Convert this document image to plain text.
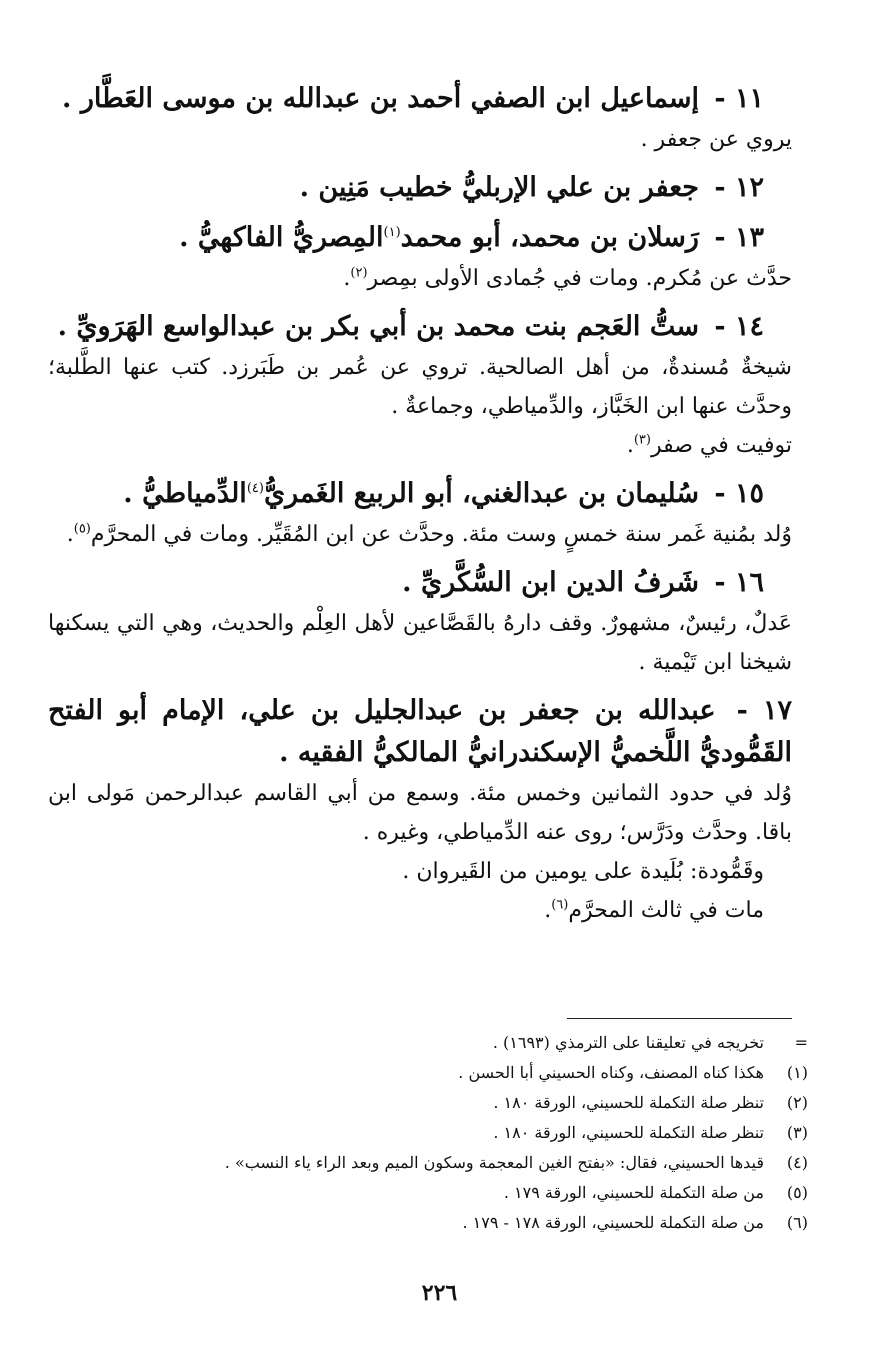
١١ - إسماعيل ابن الصفي أحمد بن عبدالله بن موسى العَطَّار .

يروي عن جعفر .

١٢ - جعفر بن علي الإربليُّ خطيب مَنِين .
١٣ - رَسلان بن محمد، أبو محمد$^{(١)}$المِصريُّ الفاكهيُّ .

حدَّث عن مُكرم. ومات في جُمادى الأولى بمِصر$^{(٢)}$.

١٤ - ستُّ العَجم بنت محمد بن أبي بكر بن عبدالواسع الهَرَويِّ .

شيخةٌ مُسندةٌ، من أهل الصالحية. تروي عن عُمر بن طَبَرزد. كتب عنها الطَّلبة؛ وحدَّث عنها ابن الخَبَّاز، والدِّمياطي، وجماعةٌ .

توفيت في صفر$^{(٣)}$.

١٥ - سُليمان بن عبدالغني، أبو الربيع الغَمريُّ$^{(٤)}$الدِّمياطيُّ .

وُلد بمُنية غَمر سنة خمسٍ وست مئة. وحدَّث عن ابن المُقَيِّر. ومات في المحرَّم$^{(٥)}$.

١٦ - شَرفُ الدين ابن السُّكَّريِّ .

عَدلٌ، رئيسٌ، مشهورٌ. وقف دارهُ بالقَصَّاعين لأهل العِلْم والحديث، وهي التي يسكنها شيخنا ابن تَيْمية .

١٧ - عبدالله بن جعفر بن عبدالجليل بن علي، الإمام أبو الفتح القَمُّوديُّ اللَّخميُّ الإسكندرانيُّ المالكيُّ الفقيه .

وُلد في حدود الثمانين وخمس مئة. وسمع من أبي القاسم عبدالرحمن مَولى ابن باقا. وحدَّث ودَرَّس؛ روى عنه الدِّمياطي، وغيره .

وقَمُّودة: بُلَيدة على يومين من القَيروان .

مات في ثالث المحرَّم$^{(٦)}$.

=
تخريجه في تعليقنا على الترمذي (١٦٩٣) .
(١)
هكذا كناه المصنف، وكناه الحسيني أبا الحسن .
(٢)
تنظر صلة التكملة للحسيني، الورقة ١٨٠ .
(٣)
تنظر صلة التكملة للحسيني، الورقة ١٨٠ .
(٤)
قيدها الحسيني، فقال: «بفتح الغين المعجمة وسكون الميم وبعد الراء ياء النسب» .
(٥)
من صلة التكملة للحسيني، الورقة ١٧٩ .
(٦)
من صلة التكملة للحسيني، الورقة ١٧٨ - ١٧٩ .
٢٢٦
